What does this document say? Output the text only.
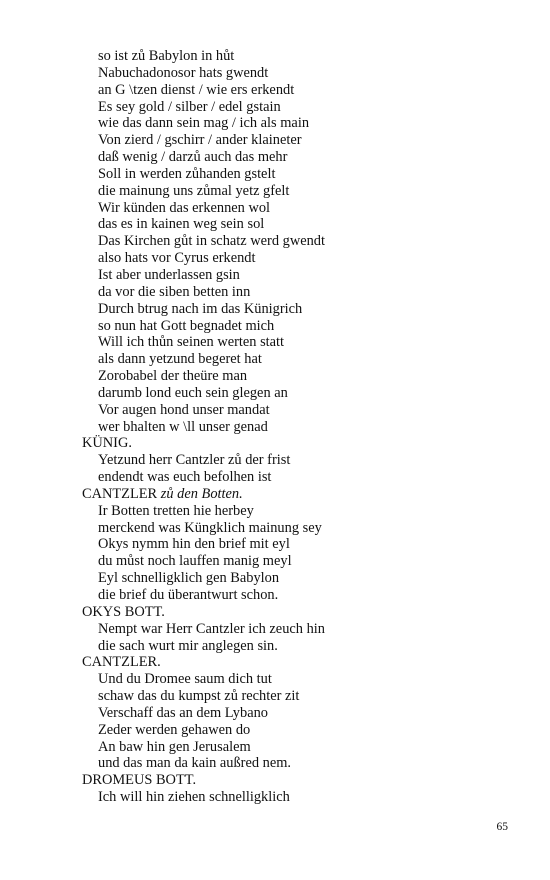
so ist zů Babylon in hůt
Nabuchadonosor hats gwendt
an G \tzen dienst / wie ers erkendt
Es sey gold / silber / edel gstain
wie das dann sein mag / ich als main
Von zierd / gschirr / ander klaineter
daß wenig / darzů auch das mehr
Soll in werden zůhanden gstelt
die mainung uns zůmal yetz gfelt
Wir künden das erkennen wol
das es in kainen weg sein sol
Das Kirchen gůt in schatz werd gwendt
also hats vor Cyrus erkendt
Ist aber underlassen gsin
da vor die siben betten inn
Durch btrug nach im das Künigrich
so nun hat Gott begnadet mich
Will ich thůn seinen werten statt
als dann yetzund begeret hat
Zorobabel der theüre man
darumb lond euch sein glegen an
Vor augen hond unser mandat
wer bhalten w \ll unser genad
KÜNIG.
Yetzund herr Cantzler zů der frist
endendt was euch befolhen ist
CANTZLER zů den Botten.
Ir Botten tretten hie herbey
merckend was Küngklich mainung sey
Okys nymm hin den brief mit eyl
du můst noch lauffen manig meyl
Eyl schnelligklich gen Babylon
die brief du überantwurt schon.
OKYS BOTT.
Nempt war Herr Cantzler ich zeuch hin
die sach wurt mir anglegen sin.
CANTZLER.
Und du Dromee saum dich tut
schaw das du kumpst zů rechter zit
Verschaff das an dem Lybano
Zeder werden gehawen do
An baw hin gen Jerusalem
und das man da kain außred nem.
DROMEUS BOTT.
Ich will hin ziehen schnelligklich
65
